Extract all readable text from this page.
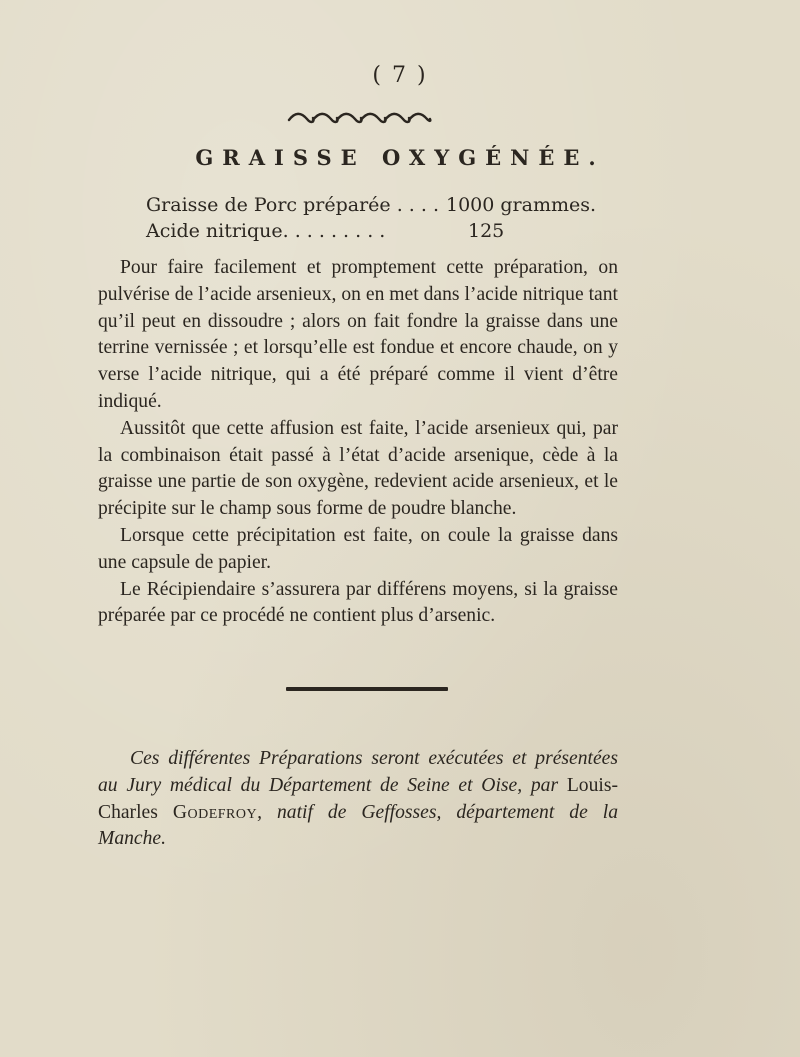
( 7 )
GRAISSE OXYGÉNÉE.
Graisse de Porc préparée . . . . 1000 grammes.
Acide nitrique. . . . . . . . .	125

Pour faire facilement et promptement cette préparation, on pulvérise de l’acide arsenieux, on en met dans l’acide nitrique tant qu’il peut en dissoudre ; alors on fait fondre la graisse dans une terrine vernissée ; et lorsqu’elle est fondue et encore chaude, on y verse l’acide nitrique, qui a été préparé comme il vient d’être indiqué.

Aussitôt que cette affusion est faite, l’acide arsenieux qui, par la combinaison était passé à l’état d’acide arsenique, cède à la graisse une partie de son oxygène, redevient acide arsenieux, et le précipite sur le champ sous forme de poudre blanche.

Lorsque cette précipitation est faite, on coule la graisse dans une capsule de papier.

Le Récipiendaire s’assurera par différens moyens, si la graisse préparée par ce procédé ne contient plus d’arsenic.

Ces différentes Préparations seront exécutées et présentées au Jury médical du Département de Seine et Oise, par Louis-Charles Godefroy, natif de Geffosses, département de la Manche.
